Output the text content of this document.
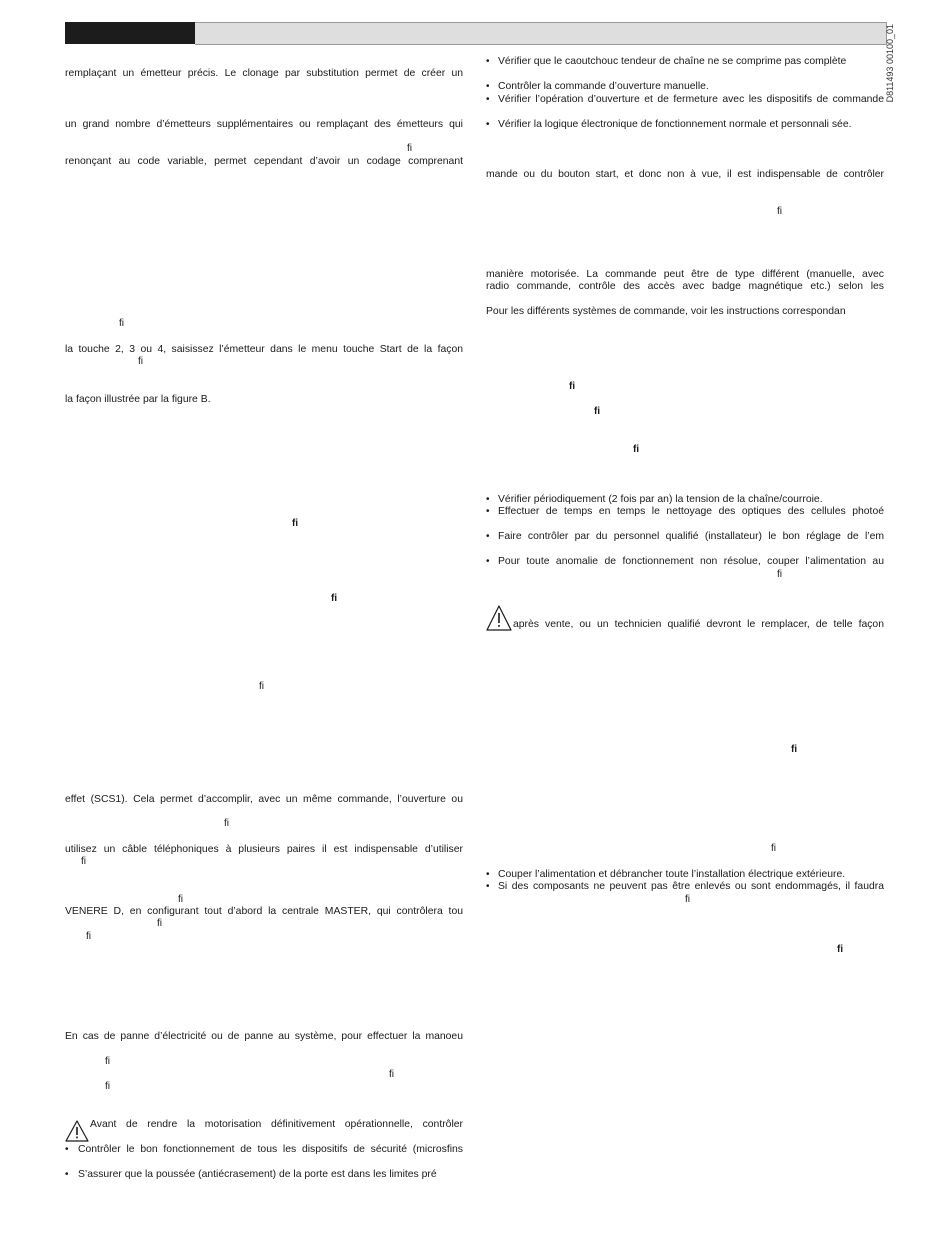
D811493 00100_01
remplaçant un émetteur précis. Le clonage par substitution permet de créer un
un grand nombre d’émetteurs supplémentaires ou remplaçant des émetteurs qui
ﬁ
renonçant au code variable, permet cependant d’avoir un codage comprenant
ﬁ
la touche 2, 3 ou 4, saisissez l’émetteur dans le menu touche Start de la façon
ﬁ
la façon illustrée par la figure B.
ﬁ
ﬁ
ﬁ
effet (SCS1). Cela permet d’accomplir, avec un même commande, l’ouverture ou
ﬁ
utilisez un câble téléphoniques à plusieurs paires il est indispensable d’utiliser
ﬁ
ﬁ
VENERE D, en configurant tout d’abord la centrale MASTER, qui contrôlera tou
ﬁ
ﬁ
En cas de panne d’électricité ou de panne au système, pour effectuer la manoeu
ﬁ
ﬁ
ﬁ
Avant de rendre la motorisation définitivement opérationnelle, contrôler
• Contrôler le bon fonctionnement de tous les dispositifs de sécurité (microsfins
• S’assurer que la poussée (antiécrasement) de la porte est dans les limites pré
• Vérifier que le caoutchouc tendeur de chaîne ne se comprime pas complète
• Contrôler la commande d’ouverture manuelle.
• Vérifier l’opération d’ouverture et de fermeture avec les dispositifs de commande
• Vérifier la logique électronique de fonctionnement normale et personnali sée.
mande ou du bouton start, et donc non à vue, il est indispensable de contrôler
ﬁ
manière motorisée. La commande peut être de type différent (manuelle, avec
radio commande, contrôle des accès avec badge magnétique etc.) selon les
Pour les différents systèmes de commande, voir les instructions correspondan
ﬁ
ﬁ
ﬁ
• Vérifier périodiquement (2 fois par an) la tension de la chaîne/courroie.
• Effectuer de temps en temps le nettoyage des optiques des cellules photoé
• Faire contrôler par du personnel qualifié (installateur) le bon réglage de l’em
• Pour toute anomalie de fonctionnement non résolue, couper l’alimentation au
ﬁ
après vente, ou un technicien qualifié devront le remplacer, de telle façon
ﬁ
ﬁ
• Couper l’alimentation et débrancher toute l’installation électrique extérieure.
• Si des composants ne peuvent pas être enlevés ou sont endommagés, il faudra
ﬁ
ﬁ
